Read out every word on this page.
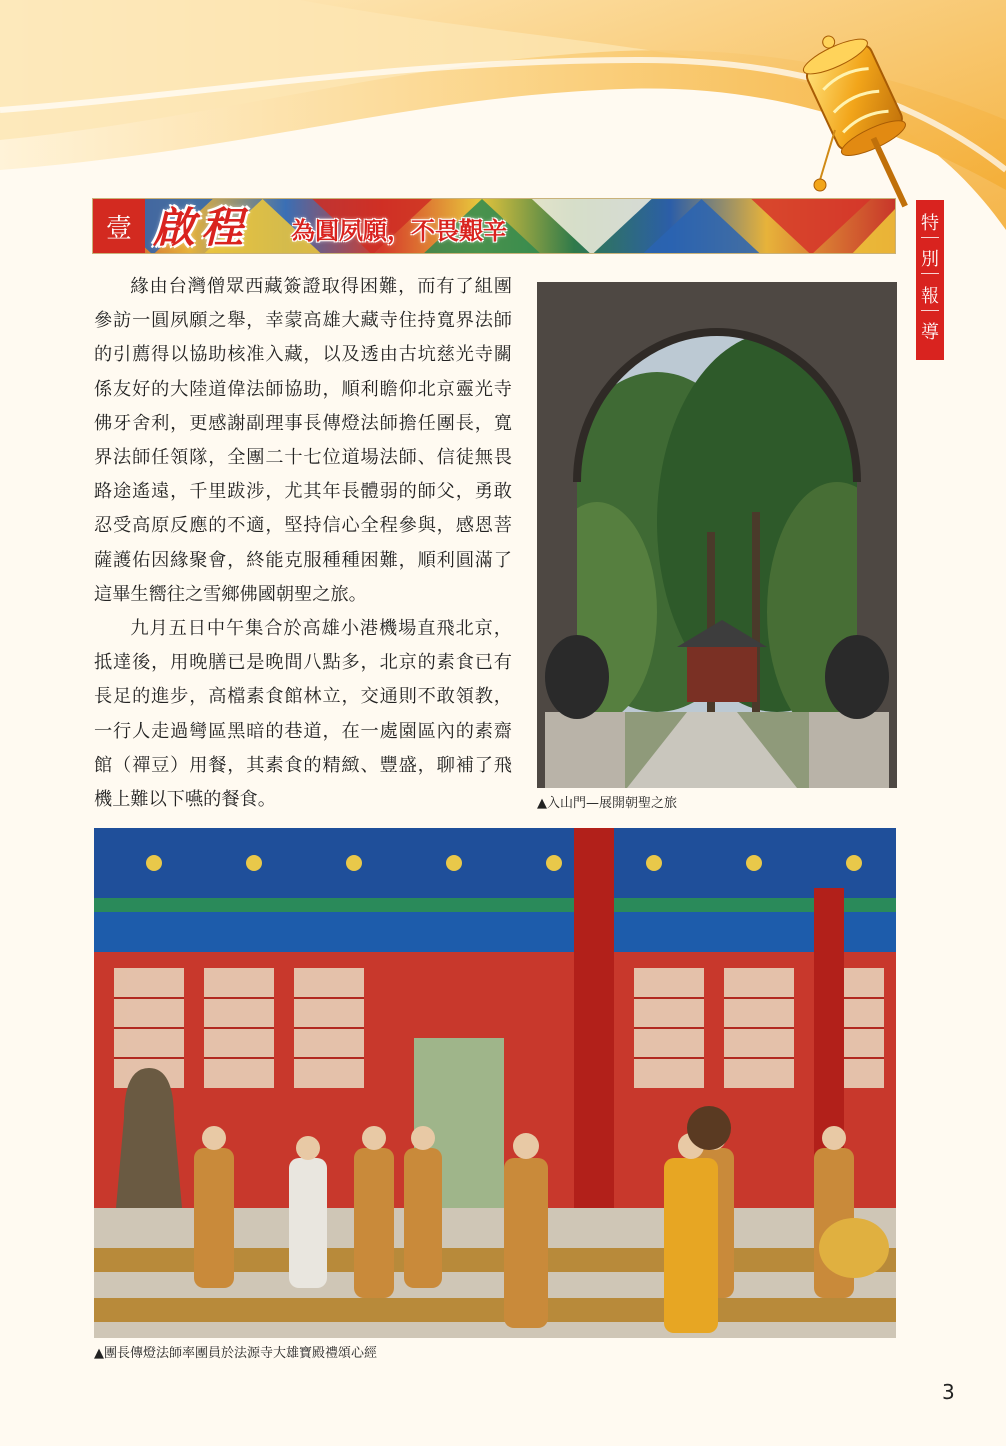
特
別
報
導
壹 啟程 為圓夙願，不畏艱辛

緣由台灣僧眾西藏簽證取得困難，而有了組團參訪一圓夙願之舉，幸蒙高雄大藏寺住持寬界法師的引薦得以協助核准入藏，以及透由古坑慈光寺關係友好的大陸道偉法師協助，順利瞻仰北京靈光寺佛牙舍利，更感謝副理事長傳燈法師擔任團長，寬界法師任領隊，全團二十七位道場法師、信徒無畏路途遙遠，千里跋涉，尤其年長體弱的師父，勇敢忍受高原反應的不適，堅持信心全程參與，感恩菩薩護佑因緣聚會，終能克服種種困難，順利圓滿了這畢生嚮往之雪鄉佛國朝聖之旅。

九月五日中午集合於高雄小港機場直飛北京，抵達後，用晚膳已是晚間八點多，北京的素食已有長足的進步，高檔素食館林立，交通則不敢領教，一行人走過彎區黑暗的巷道，在一處園區內的素齋館（禪豆）用餐，其素食的精緻、豐盛，聊補了飛機上難以下嚥的餐食。	▲入山門—展開朝聖之旅
▲團長傳燈法師率團員於法源寺大雄寶殿禮頌心經
3
